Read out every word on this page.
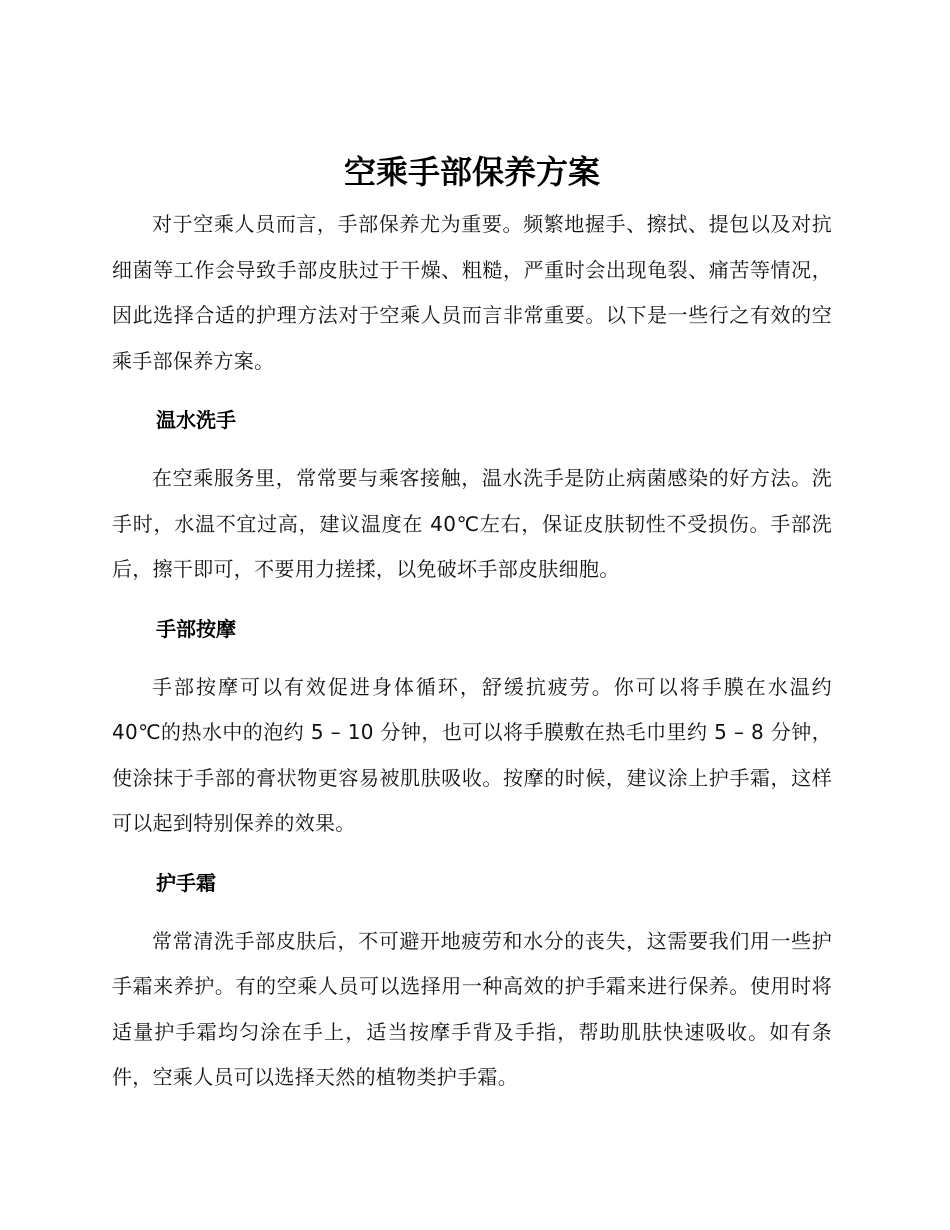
空乘手部保养方案

对于空乘人员而言，手部保养尤为重要。频繁地握手、擦拭、提包以及对抗细菌等工作会导致手部皮肤过于干燥、粗糙，严重时会出现龟裂、痛苦等情况，因此选择合适的护理方法对于空乘人员而言非常重要。以下是一些行之有效的空乘手部保养方案。

温水洗手

在空乘服务里，常常要与乘客接触，温水洗手是防止病菌感染的好方法。洗手时，水温不宜过高，建议温度在 40℃左右，保证皮肤韧性不受损伤。手部洗后，擦干即可，不要用力搓揉，以免破坏手部皮肤细胞。

手部按摩

手部按摩可以有效促进身体循环，舒缓抗疲劳。你可以将手膜在水温约 40℃的热水中的泡约 5 – 10 分钟，也可以将手膜敷在热毛巾里约 5 – 8 分钟，使涂抹于手部的膏状物更容易被肌肤吸收。按摩的时候，建议涂上护手霜，这样可以起到特别保养的效果。

护手霜

常常清洗手部皮肤后，不可避开地疲劳和水分的丧失，这需要我们用一些护手霜来养护。有的空乘人员可以选择用一种高效的护手霜来进行保养。使用时将适量护手霜均匀涂在手上，适当按摩手背及手指，帮助肌肤快速吸收。如有条件，空乘人员可以选择天然的植物类护手霜。
